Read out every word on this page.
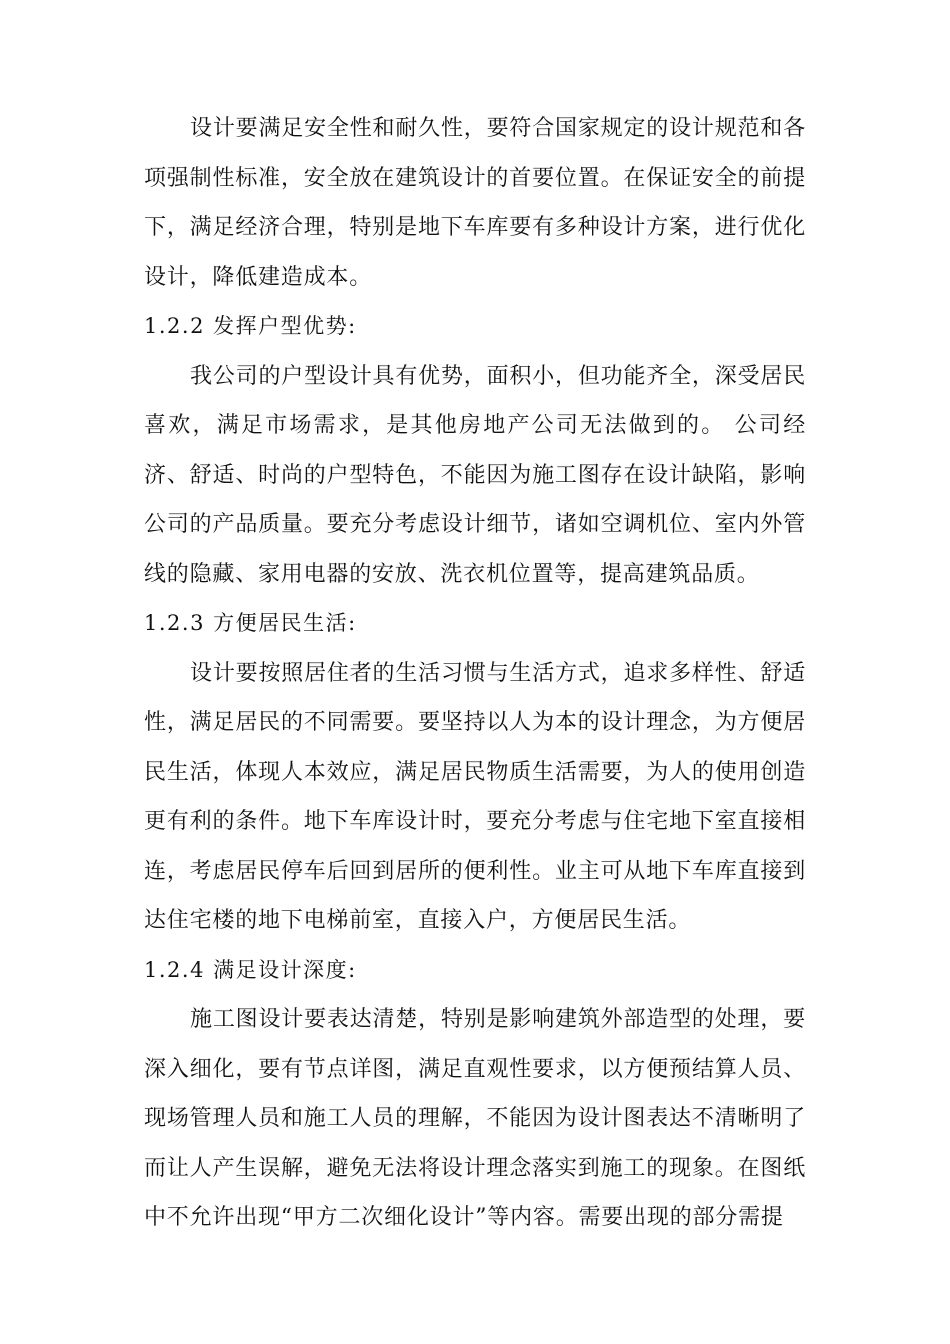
设计要满足安全性和耐久性，要符合国家规定的设计规范和各项强制性标准，安全放在建筑设计的首要位置。在保证安全的前提下，满足经济合理，特别是地下车库要有多种设计方案，进行优化设计，降低建造成本。

1.2.2 发挥户型优势:

我公司的户型设计具有优势，面积小，但功能齐全，深受居民喜欢，满足市场需求，是其他房地产公司无法做到的。 公司经济、舒适、时尚的户型特色，不能因为施工图存在设计缺陷，影响公司的产品质量。要充分考虑设计细节，诸如空调机位、室内外管线的隐藏、家用电器的安放、洗衣机位置等，提高建筑品质。

1.2.3 方便居民生活:

设计要按照居住者的生活习惯与生活方式，追求多样性、舒适性，满足居民的不同需要。要坚持以人为本的设计理念，为方便居民生活，体现人本效应，满足居民物质生活需要，为人的使用创造更有利的条件。地下车库设计时，要充分考虑与住宅地下室直接相连，考虑居民停车后回到居所的便利性。业主可从地下车库直接到达住宅楼的地下电梯前室，直接入户，方便居民生活。

1.2.4 满足设计深度:

施工图设计要表达清楚，特别是影响建筑外部造型的处理，要深入细化，要有节点详图，满足直观性要求，以方便预结算人员、现场管理人员和施工人员的理解，不能因为设计图表达不清晰明了而让人产生误解，避免无法将设计理念落实到施工的现象。在图纸中不允许出现“甲方二次细化设计”等内容。需要出现的部分需提
